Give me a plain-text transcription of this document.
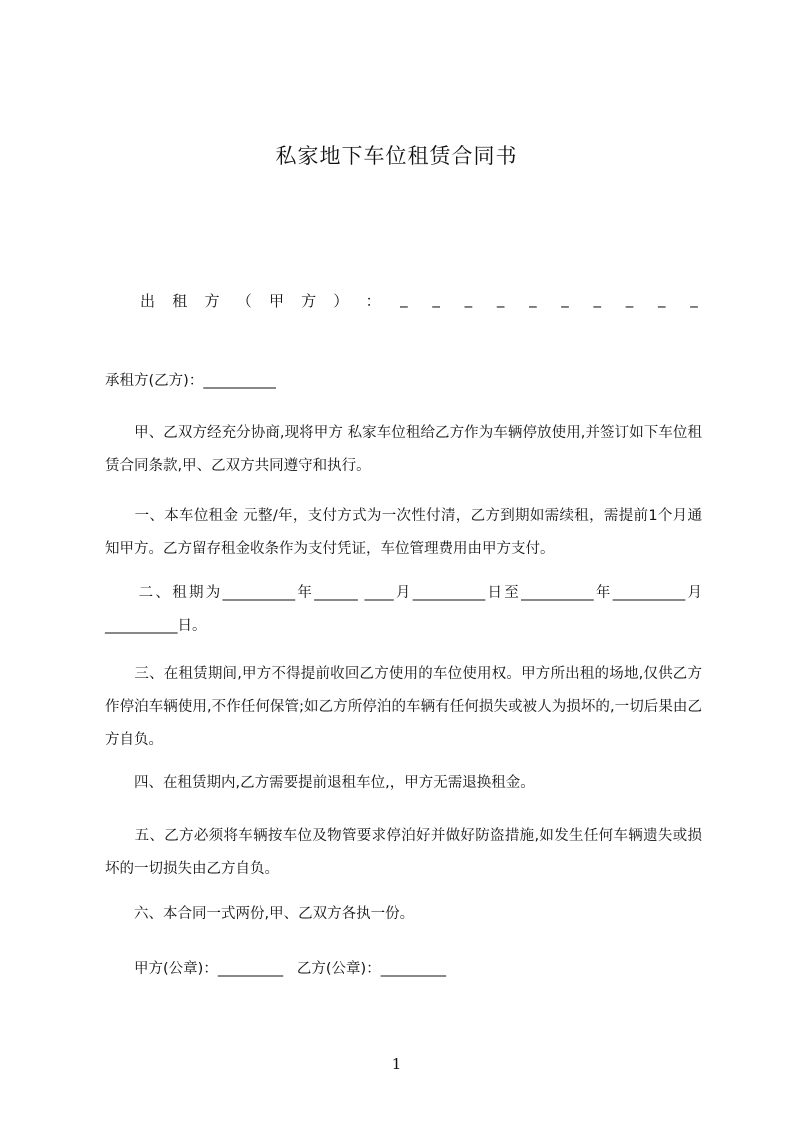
私家地下车位租赁合同书
出 租 方 （ 甲 方 ） ： _ _ _ _ _ _ _ _ _ _
承租方(乙方)：__________
　　甲、乙双方经充分协商,现将甲方 私家车位租给乙方作为车辆停放使用,并签订如下车位租赁合同条款,甲、乙双方共同遵守和执行。
　　一、本车位租金 元整/年，支付方式为一次性付清，乙方到期如需续租，需提前1个月通知甲方。乙方留存租金收条作为支付凭证，车位管理费用由甲方支付。
　　二、租期为__________年______ ____月__________日至__________年__________月__________日。
　　三、在租赁期间,甲方不得提前收回乙方使用的车位使用权。甲方所出租的场地,仅供乙方作停泊车辆使用,不作任何保管;如乙方所停泊的车辆有任何损失或被人为损坏的,一切后果由乙方自负。
　　四、在租赁期内,乙方需要提前退租车位,，甲方无需退换租金。
　　五、乙方必须将车辆按车位及物管要求停泊好并做好防盗措施,如发生任何车辆遗失或损坏的一切损失由乙方自负。
　　六、本合同一式两份,甲、乙双方各执一份。
　　甲方(公章)：_________   乙方(公章)：_________
1
